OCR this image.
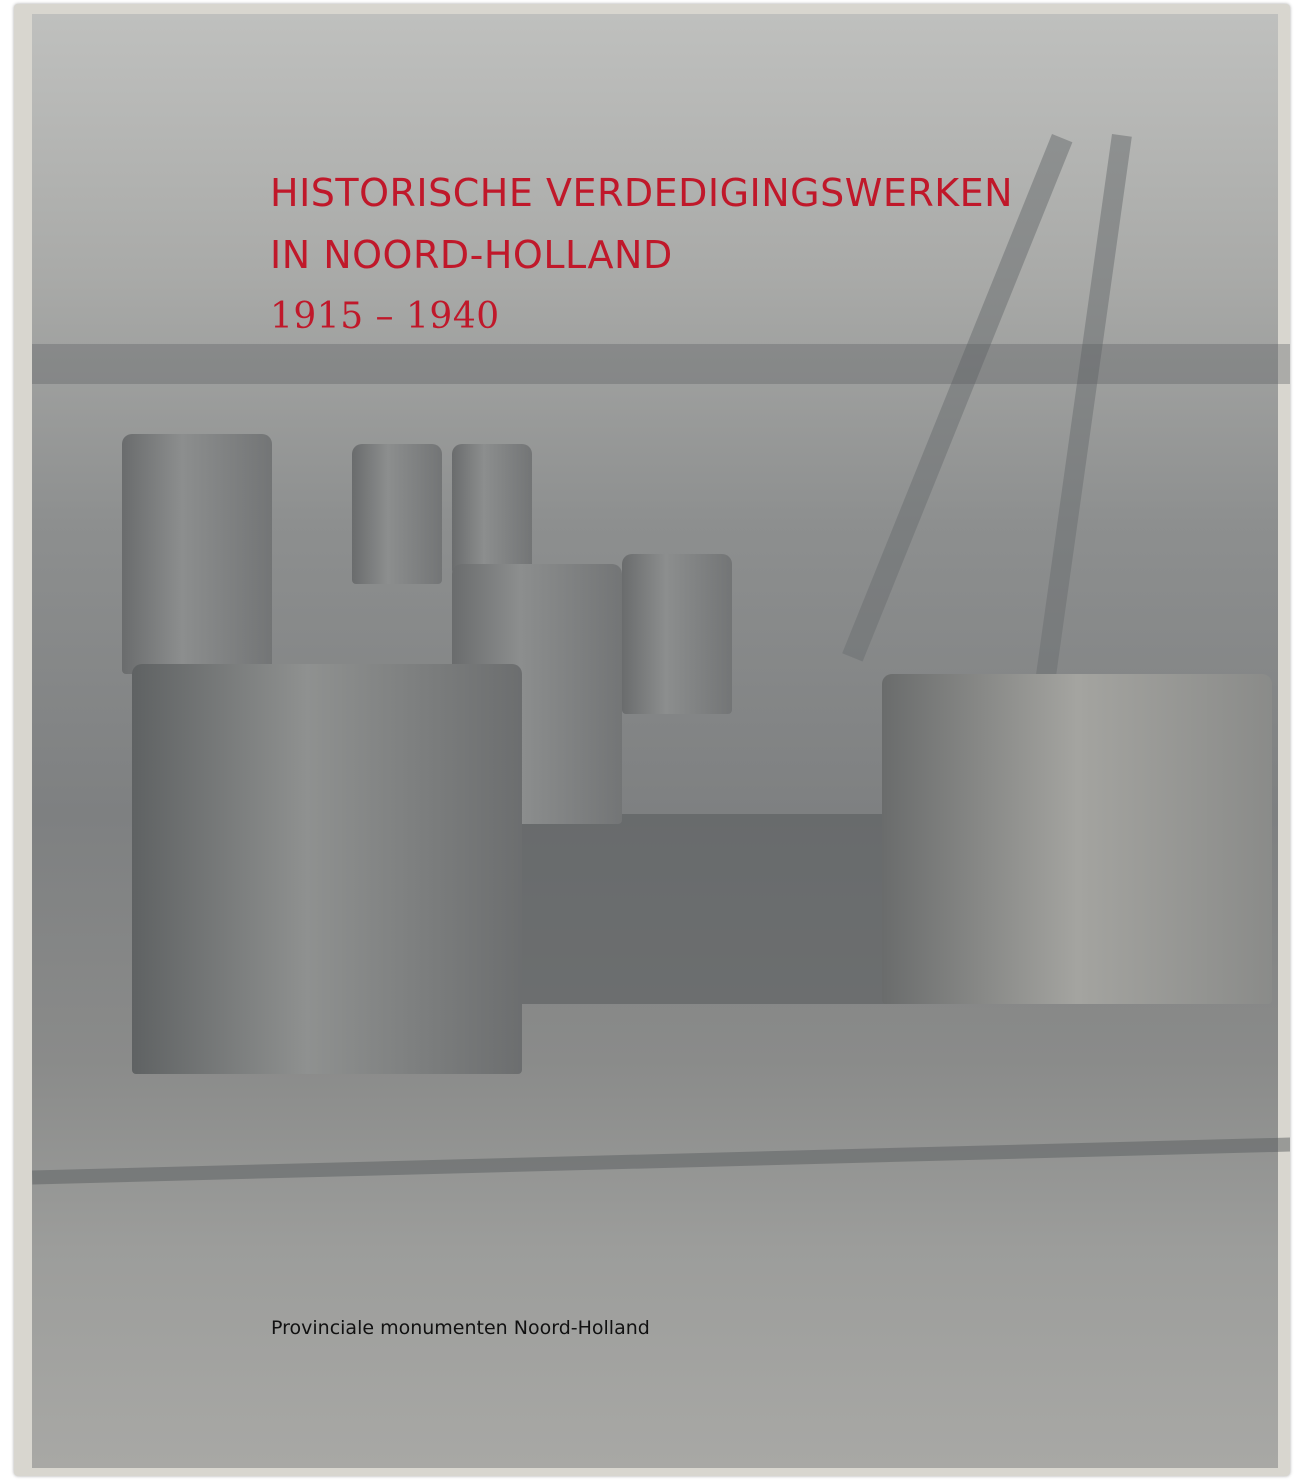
HISTORISCHE VERDEDIGINGSWERKEN
IN NOORD-HOLLAND
1915 – 1940
Provinciale monumenten Noord-Holland
